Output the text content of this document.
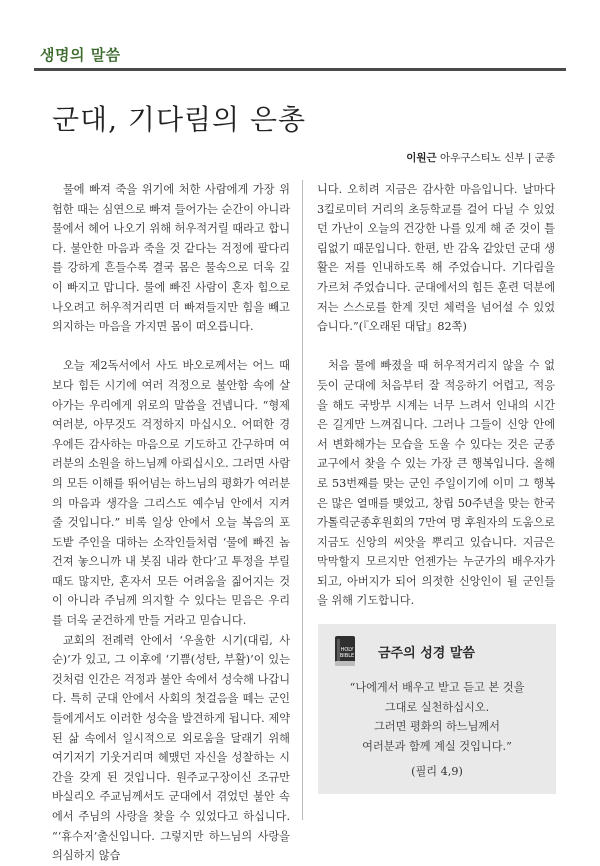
생명의 말씀
군대, 기다림의 은총
이원근 아우구스티노 신부 | 군종

물에 빠져 죽을 위기에 처한 사람에게 가장 위험한 때는 심연으로 빠져 들어가는 순간이 아니라 물에서 헤어 나오기 위해 허우적거릴 때라고 합니다. 불안한 마음과 죽을 것 같다는 걱정에 팔다리를 강하게 흔들수록 결국 몸은 물속으로 더욱 깊이 빠지고 맙니다. 물에 빠진 사람이 혼자 힘으로 나오려고 허우적거리면 더 빠져들지만 힘을 빼고 의지하는 마음을 가지면 몸이 떠오릅니다.

오늘 제2독서에서 사도 바오로께서는 어느 때보다 힘든 시기에 여러 걱정으로 불안함 속에 살아가는 우리에게 위로의 말씀을 건넵니다. “형제 여러분, 아무것도 걱정하지 마십시오. 어떠한 경우에든 감사하는 마음으로 기도하고 간구하며 여러분의 소원을 하느님께 아뢰십시오. 그러면 사람의 모든 이해를 뛰어넘는 하느님의 평화가 여러분의 마음과 생각을 그리스도 예수님 안에서 지켜 줄 것입니다.” 비록 일상 안에서 오늘 복음의 포도밭 주인을 대하는 소작인들처럼 ‘물에 빠진 놈 건져 놓으니까 내 봇짐 내라 한다’고 투정을 부릴 때도 많지만, 혼자서 모든 어려움을 짊어지는 것이 아니라 주님께 의지할 수 있다는 믿음은 우리를 더욱 굳건하게 만들 거라고 믿습니다.

교회의 전례력 안에서 ‘우울한 시기(대림, 사순)’가 있고, 그 이후에 ‘기쁨(성탄, 부활)’이 있는 것처럼 인간은 걱정과 불안 속에서 성숙해 나갑니다. 특히 군대 안에서 사회의 첫걸음을 떼는 군인들에게서도 이러한 성숙을 발견하게 됩니다. 제약된 삶 속에서 일시적으로 외로움을 달래기 위해 여기저기 기웃거리며 헤맸던 자신을 성찰하는 시간을 갖게 된 것입니다. 원주교구장이신 조규만 바실리오 주교님께서도 군대에서 겪었던 불안 속에서 주님의 사랑을 찾을 수 있었다고 하십니다. “‘휴수저’출신입니다. 그렇지만 하느님의 사랑을 의심하지 않습

니다. 오히려 지금은 감사한 마음입니다. 날마다 3킬로미터 거리의 초등학교를 걸어 다닐 수 있었던 가난이 오늘의 건강한 나를 있게 해 준 것이 틀림없기 때문입니다. 한편, 반 감옥 같았던 군대 생활은 저를 인내하도록 해 주었습니다. 기다림을 가르쳐 주었습니다. 군대에서의 힘든 훈련 덕분에 저는 스스로를 한계 짓던 체력을 넘어설 수 있었습니다.”(『오래된 대답』82쪽)

처음 물에 빠졌을 때 허우적거리지 않을 수 없듯이 군대에 처음부터 잘 적응하기 어렵고, 적응을 해도 국방부 시계는 너무 느려서 인내의 시간은 길게만 느껴집니다. 그러나 그들이 신앙 안에서 변화해가는 모습을 도울 수 있다는 것은 군종교구에서 찾을 수 있는 가장 큰 행복입니다. 올해로 53번째를 맞는 군인 주일이기에 이미 그 행복은 많은 열매를 맺었고, 창립 50주년을 맞는 한국가톨릭군종후원회의 7만여 명 후원자의 도움으로 지금도 신앙의 씨앗을 뿌리고 있습니다. 지금은 막막할지 모르지만 언젠가는 누군가의 배우자가 되고, 아버지가 되어 의젓한 신앙인이 될 군인들을 위해 기도합니다.

HOLY
BIBLE 금주의 성경 말씀
“나에게서 배우고 받고 듣고 본 것을
그대로 실천하십시오.
그러면 평화의 하느님께서
여러분과 함께 계실 것입니다.”
(필리 4,9)
